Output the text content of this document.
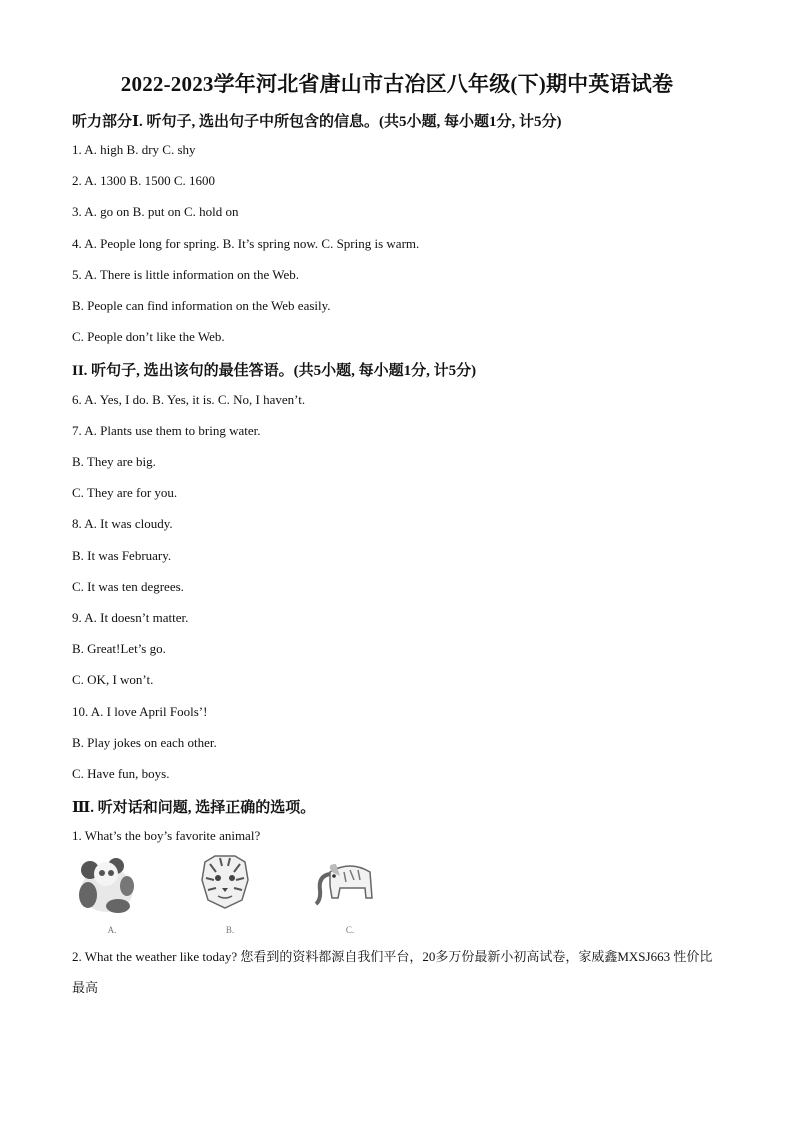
2022-2023学年河北省唐山市古冶区八年级(下)期中英语试卷
听力部分Ⅰ. 听句子, 选出句子中所包含的信息。(共5小题, 每小题1分, 计5分)
1. A. high B. dry C. shy
2. A. 1300 B. 1500 C. 1600
3. A. go on B. put on C. hold on
4. A. People long for spring. B. It’s spring now. C. Spring is warm.
5. A. There is little information on the Web.
B. People can find information on the Web easily.
C. People don’t like the Web.
II. 听句子, 选出该句的最佳答语。(共5小题, 每小题1分, 计5分)
6. A. Yes, I do. B. Yes, it is. C. No, I haven’t.
7. A. Plants use them to bring water.
B. They are big.
C. They are for you.
8. A. It was cloudy.
B. It was February.
C. It was ten degrees.
9. A. It doesn’t matter.
B. Great!Let’s go.
C. OK, I won’t.
10. A. I love April Fools’!
B. Play jokes on each other.
C. Have fun, boys.
Ⅲ. 听对话和问题, 选择正确的选项。
1. What’s the boy’s favorite animal?
A.	B.	C.
2. What the weather like today? 您看到的资料都源自我们平台，20多万份最新小初高试卷，家威鑫MXSJ663 性价比最高
